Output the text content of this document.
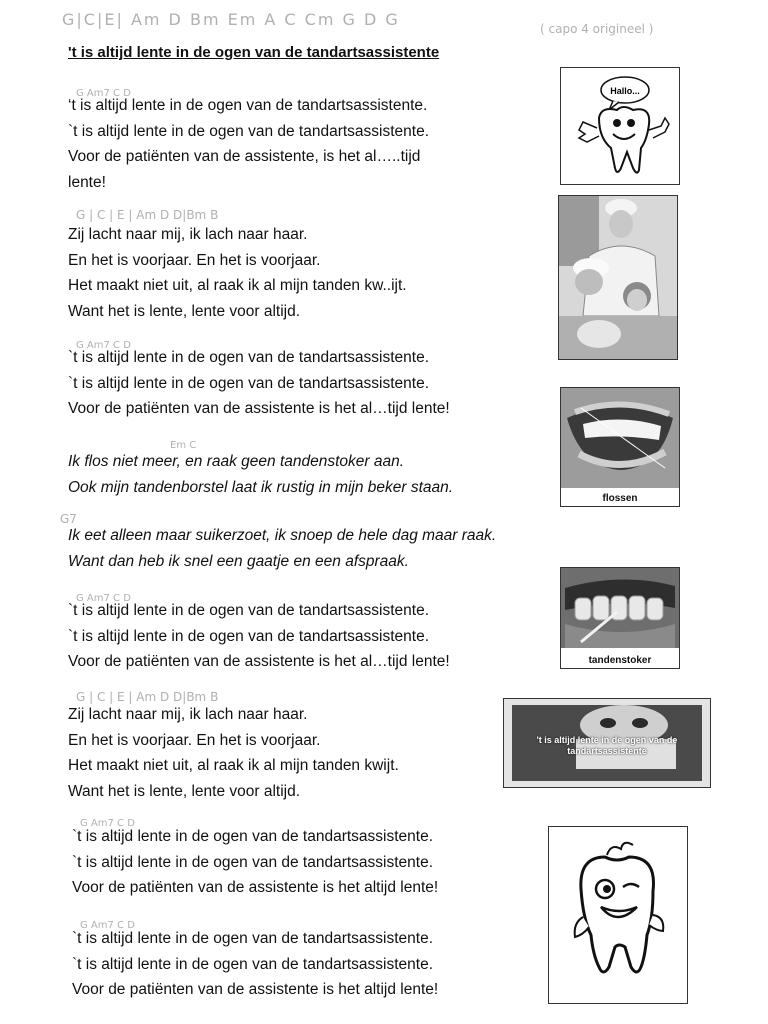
G|C|E| Am D Bm Em A C Cm G D G	( capo 4 origineel )
't is altijd lente in de ogen van de tandartsassistente
G Am7 C D
‘t is altijd lente in de ogen van de tandartsassistente.
`t is altijd lente in de ogen van de tandartsassistente.
Voor de patiënten van de assistente, is het al…..tijd
lente!
G | C | E | Am D D|Bm B
Zij lacht naar mij, ik lach naar haar.
En het is voorjaar. En het is voorjaar.
Het maakt niet uit, al raak ik al mijn tanden kw..ijt.
Want het is lente, lente voor altijd.
G Am7 C D
`t is altijd lente in de ogen van de tandartsassistente.
`t is altijd lente in de ogen van de tandartsassistente.
Voor de patiënten van de assistente is het al…tijd lente!
Em C
Ik flos niet meer, en raak geen tandenstoker aan.
Ook mijn tandenborstel laat ik rustig in mijn beker staan.
G7
Ik eet alleen maar suikerzoet, ik snoep de hele dag maar raak.
Want dan heb ik snel een gaatje en een afspraak.
G Am7 C D
`t is altijd lente in de ogen van de tandartsassistente.
`t is altijd lente in de ogen van de tandartsassistente.
Voor de patiënten van de assistente is het al…tijd lente!
G | C | E | Am D D|Bm B
Zij lacht naar mij, ik lach naar haar.
En het is voorjaar. En het is voorjaar.
Het maakt niet uit, al raak ik al mijn tanden kwijt.
Want het is lente, lente voor altijd.
G Am7 C D
`t is altijd lente in de ogen van de tandartsassistente.
`t is altijd lente in de ogen van de tandartsassistente.
Voor de patiënten van de assistente is het altijd lente!
G Am7 C D
`t is altijd lente in de ogen van de tandartsassistente.
`t is altijd lente in de ogen van de tandartsassistente.
Voor de patiënten van de assistente is het altijd lente!
Hallo...
flossen
tandenstoker
't is altijd lente in de ogen van de tandartsassistente
